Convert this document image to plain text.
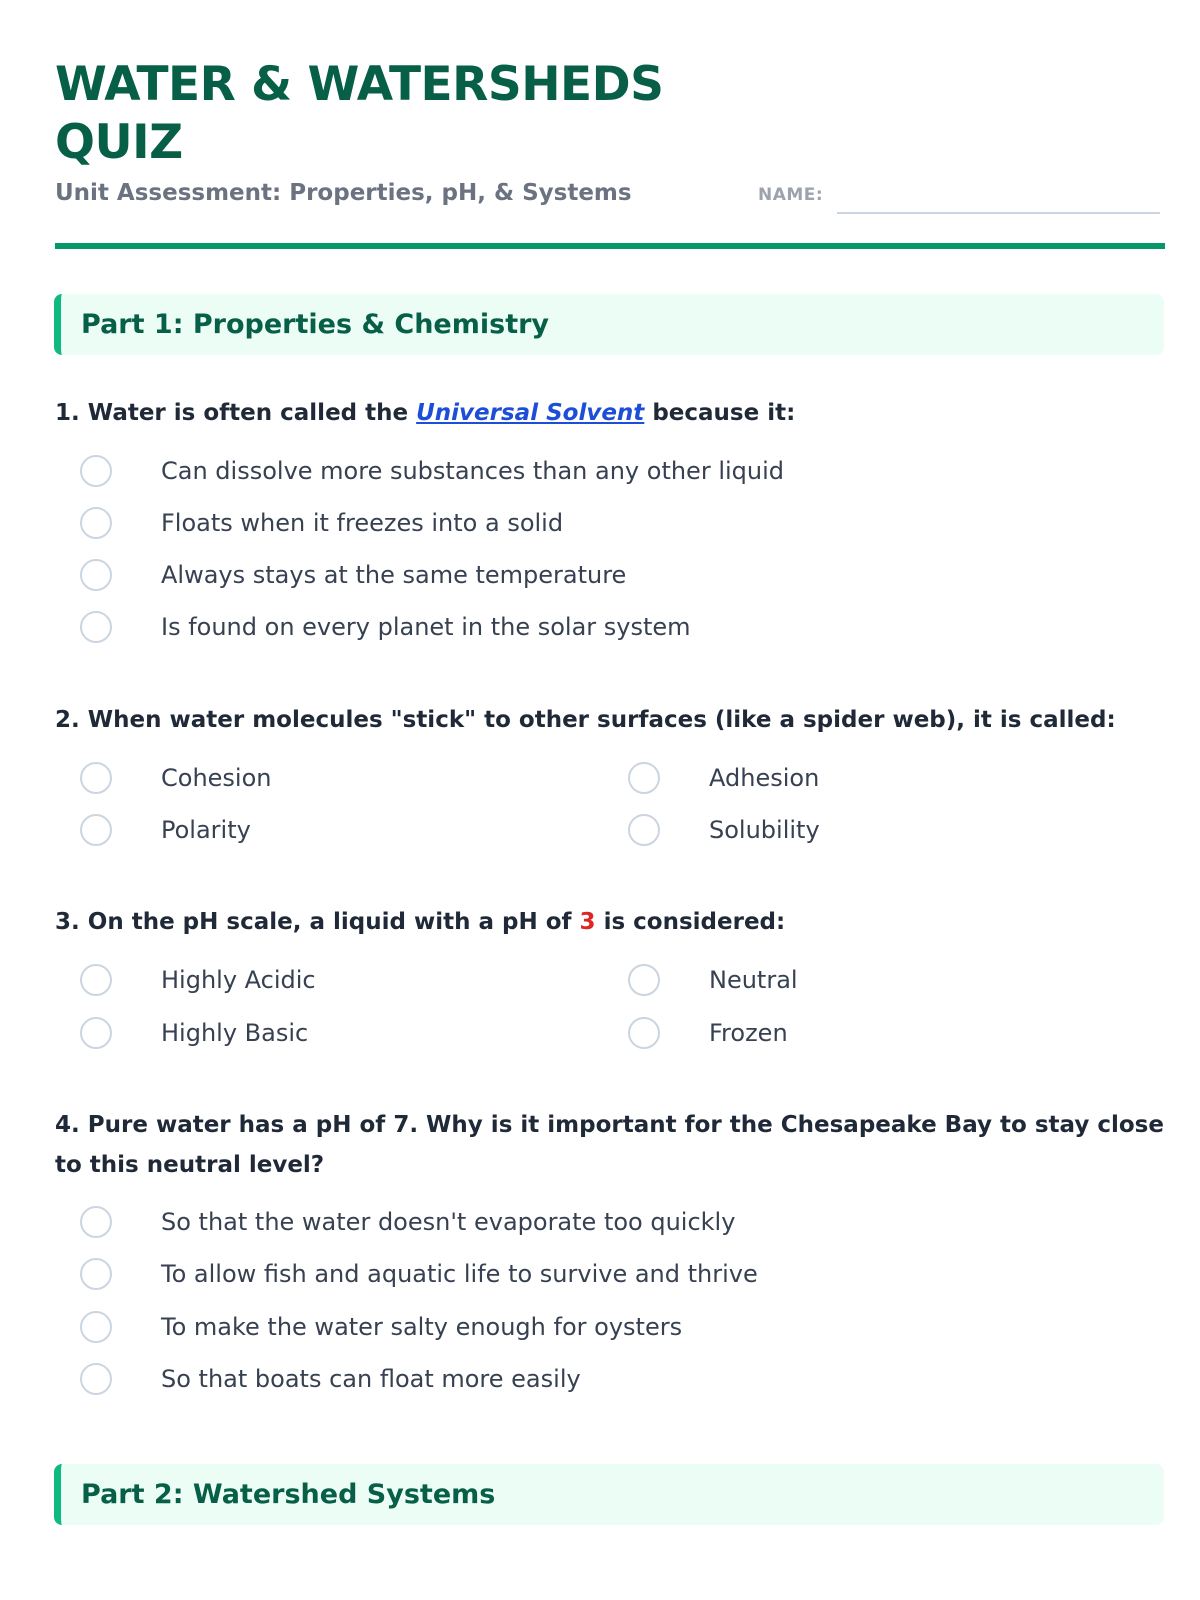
WATER & WATERSHEDS QUIZ
Unit Assessment: Properties, pH, & Systems	NAME:
Part 1: Properties & Chemistry
1. Water is often called the Universal Solvent because it:
Can dissolve more substances than any other liquid
Floats when it freezes into a solid
Always stays at the same temperature
Is found on every planet in the solar system
2. When water molecules "stick" to other surfaces (like a spider web), it is called:
Cohesion	Adhesion
Polarity	Solubility
3. On the pH scale, a liquid with a pH of 3 is considered:
Highly Acidic	Neutral
Highly Basic	Frozen
4. Pure water has a pH of 7. Why is it important for the Chesapeake Bay to stay close to this neutral level?
So that the water doesn't evaporate too quickly
To allow fish and aquatic life to survive and thrive
To make the water salty enough for oysters
So that boats can float more easily
Part 2: Watershed Systems
